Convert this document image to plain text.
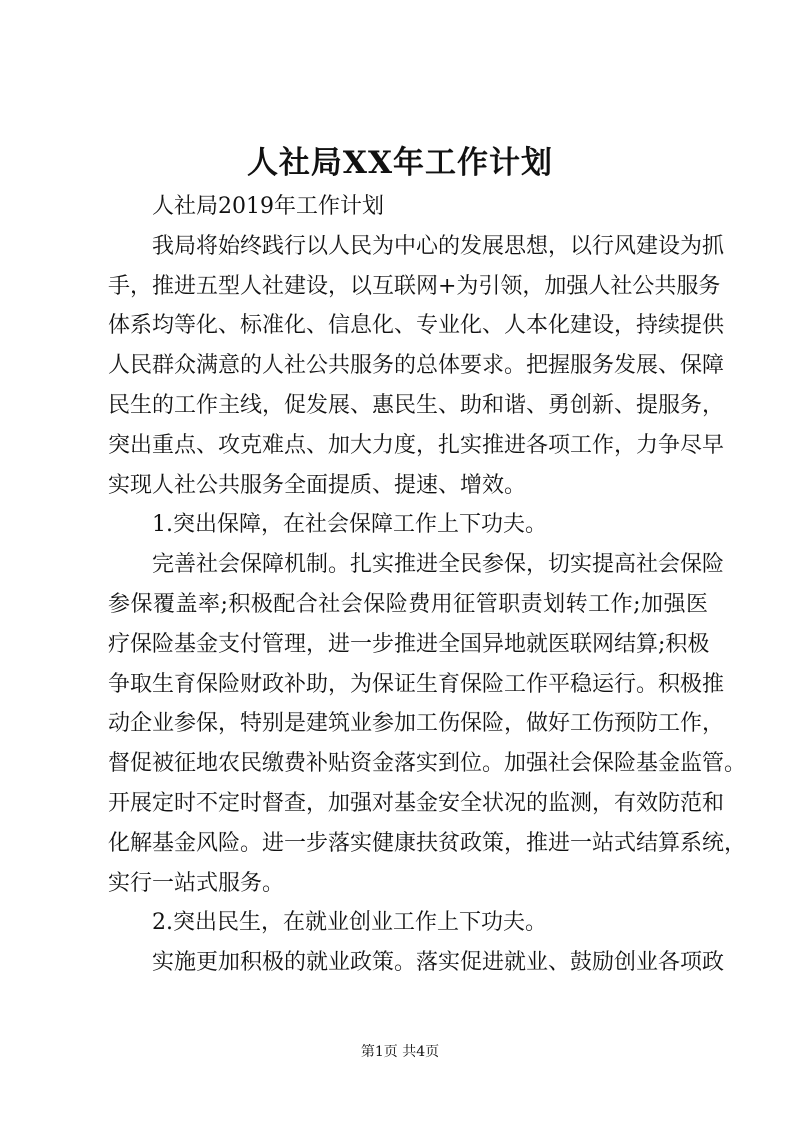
人社局XX年工作计划
人社局2019年工作计划
我局将始终践行以人民为中心的发展思想，以行风建设为抓
手，推进五型人社建设，以互联网+为引领，加强人社公共服务
体系均等化、标准化、信息化、专业化、人本化建设，持续提供
人民群众满意的人社公共服务的总体要求。把握服务发展、保障
民生的工作主线，促发展、惠民生、助和谐、勇创新、提服务，
突出重点、攻克难点、加大力度，扎实推进各项工作，力争尽早
实现人社公共服务全面提质、提速、增效。
1.突出保障，在社会保障工作上下功夫。
完善社会保障机制。扎实推进全民参保，切实提高社会保险
参保覆盖率;积极配合社会保险费用征管职责划转工作;加强医
疗保险基金支付管理，进一步推进全国异地就医联网结算;积极
争取生育保险财政补助，为保证生育保险工作平稳运行。积极推
动企业参保，特别是建筑业参加工伤保险，做好工伤预防工作，
督促被征地农民缴费补贴资金落实到位。加强社会保险基金监管。
开展定时不定时督查，加强对基金安全状况的监测，有效防范和
化解基金风险。进一步落实健康扶贫政策，推进一站式结算系统，
实行一站式服务。
2.突出民生，在就业创业工作上下功夫。
实施更加积极的就业政策。落实促进就业、鼓励创业各项政
第1页 共4页
